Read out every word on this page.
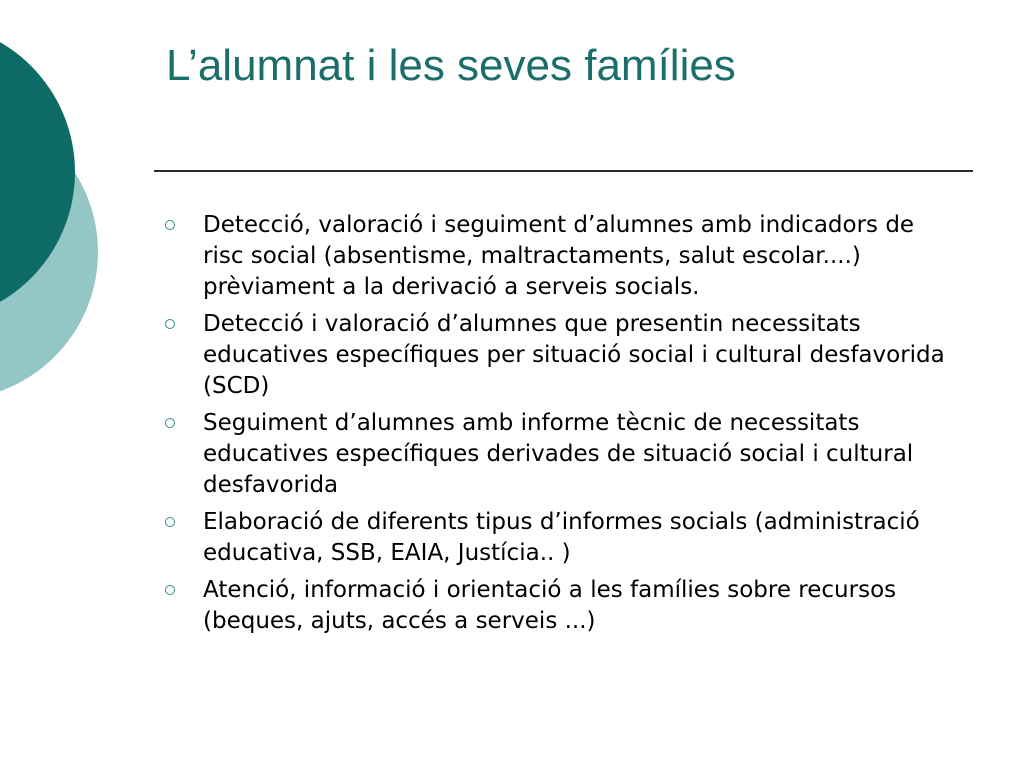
L’alumnat i les seves famílies
Detecció, valoració i seguiment d’alumnes amb indicadors de risc social (absentisme, maltractaments, salut escolar....) prèviament a la derivació a serveis socials.
Detecció i valoració d’alumnes que presentin necessitats educatives específiques per situació social i cultural desfavorida (SCD)
Seguiment d’alumnes amb informe tècnic de necessitats educatives específiques derivades de situació social i cultural desfavorida
Elaboració de diferents tipus d’informes socials (administració educativa, SSB, EAIA, Justícia.. )
Atenció, informació i orientació a les famílies sobre recursos (beques, ajuts, accés a serveis ...)
